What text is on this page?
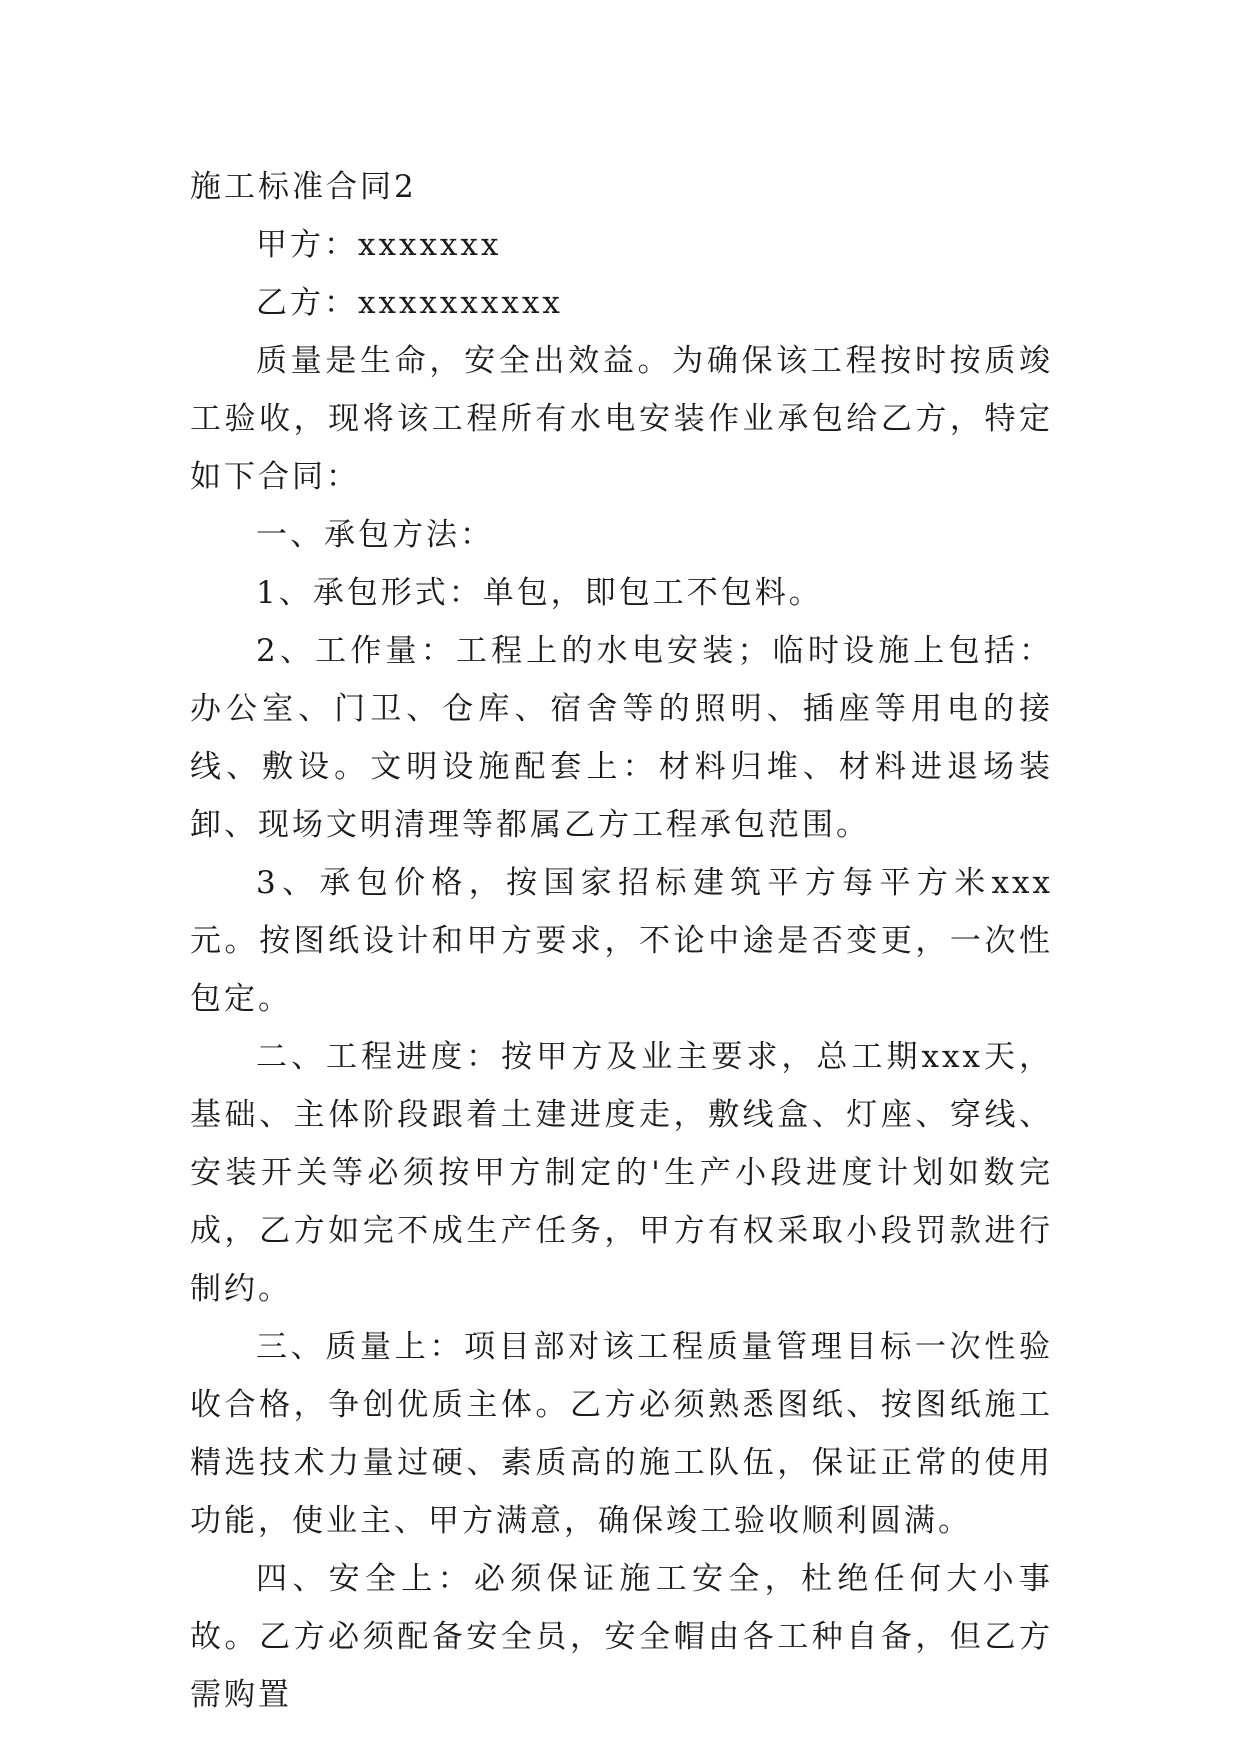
施工标准合同2

甲方：xxxxxxx

乙方：xxxxxxxxxx

质量是生命，安全出效益。为确保该工程按时按质竣工验收，现将该工程所有水电安装作业承包给乙方，特定如下合同：

一、承包方法：

1、承包形式：单包，即包工不包料。

2、工作量：工程上的水电安装；临时设施上包括：办公室、门卫、仓库、宿舍等的照明、插座等用电的接线、敷设。文明设施配套上：材料归堆、材料进退场装卸、现场文明清理等都属乙方工程承包范围。

3、承包价格，按国家招标建筑平方每平方米xxx元。按图纸设计和甲方要求，不论中途是否变更，一次性包定。

二、工程进度：按甲方及业主要求，总工期xxx天，基础、主体阶段跟着土建进度走，敷线盒、灯座、穿线、安装开关等必须按甲方制定的'生产小段进度计划如数完成，乙方如完不成生产任务，甲方有权采取小段罚款进行制约。

三、质量上：项目部对该工程质量管理目标一次性验收合格，争创优质主体。乙方必须熟悉图纸、按图纸施工精选技术力量过硬、素质高的施工队伍，保证正常的使用功能，使业主、甲方满意，确保竣工验收顺利圆满。

四、安全上：必须保证施工安全，杜绝任何大小事故。乙方必须配备安全员，安全帽由各工种自备，但乙方需购置
